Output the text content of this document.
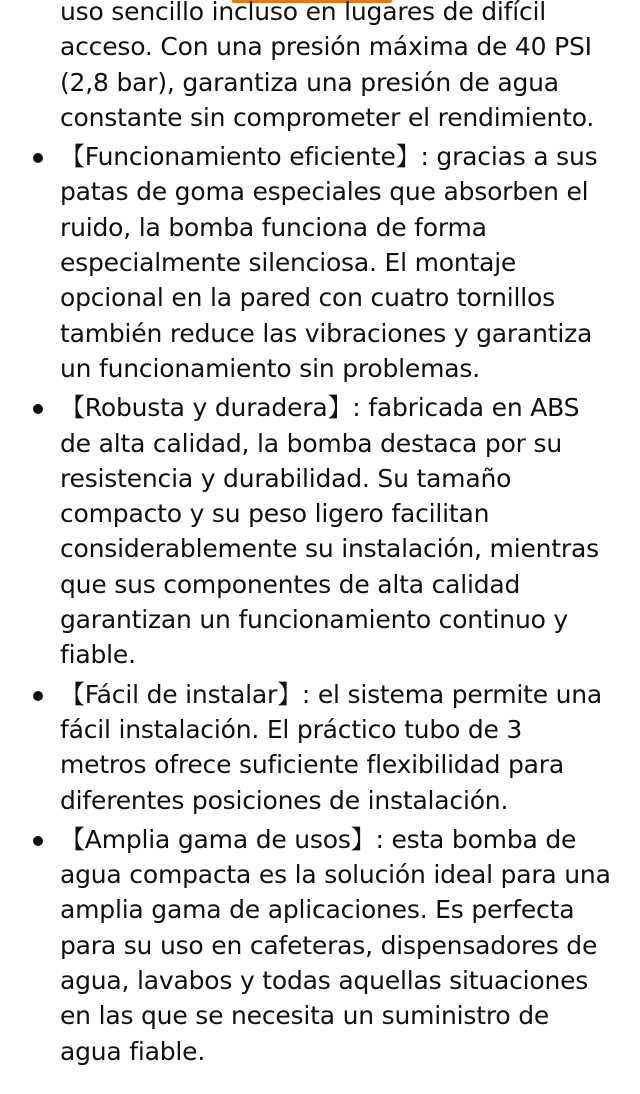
uso sencillo incluso en lugares de difícil
acceso. Con una presión máxima de 40 PSI
(2,8 bar), garantiza una presión de agua
constante sin comprometer el rendimiento.
【Funcionamiento eficiente】: gracias a sus
patas de goma especiales que absorben el
ruido, la bomba funciona de forma
especialmente silenciosa. El montaje
opcional en la pared con cuatro tornillos
también reduce las vibraciones y garantiza
un funcionamiento sin problemas.
【Robusta y duradera】: fabricada en ABS
de alta calidad, la bomba destaca por su
resistencia y durabilidad. Su tamaño
compacto y su peso ligero facilitan
considerablemente su instalación, mientras
que sus componentes de alta calidad
garantizan un funcionamiento continuo y
fiable.
【Fácil de instalar】: el sistema permite una
fácil instalación. El práctico tubo de 3
metros ofrece suficiente flexibilidad para
diferentes posiciones de instalación.
【Amplia gama de usos】: esta bomba de
agua compacta es la solución ideal para una
amplia gama de aplicaciones. Es perfecta
para su uso en cafeteras, dispensadores de
agua, lavabos y todas aquellas situaciones
en las que se necesita un suministro de
agua fiable.
